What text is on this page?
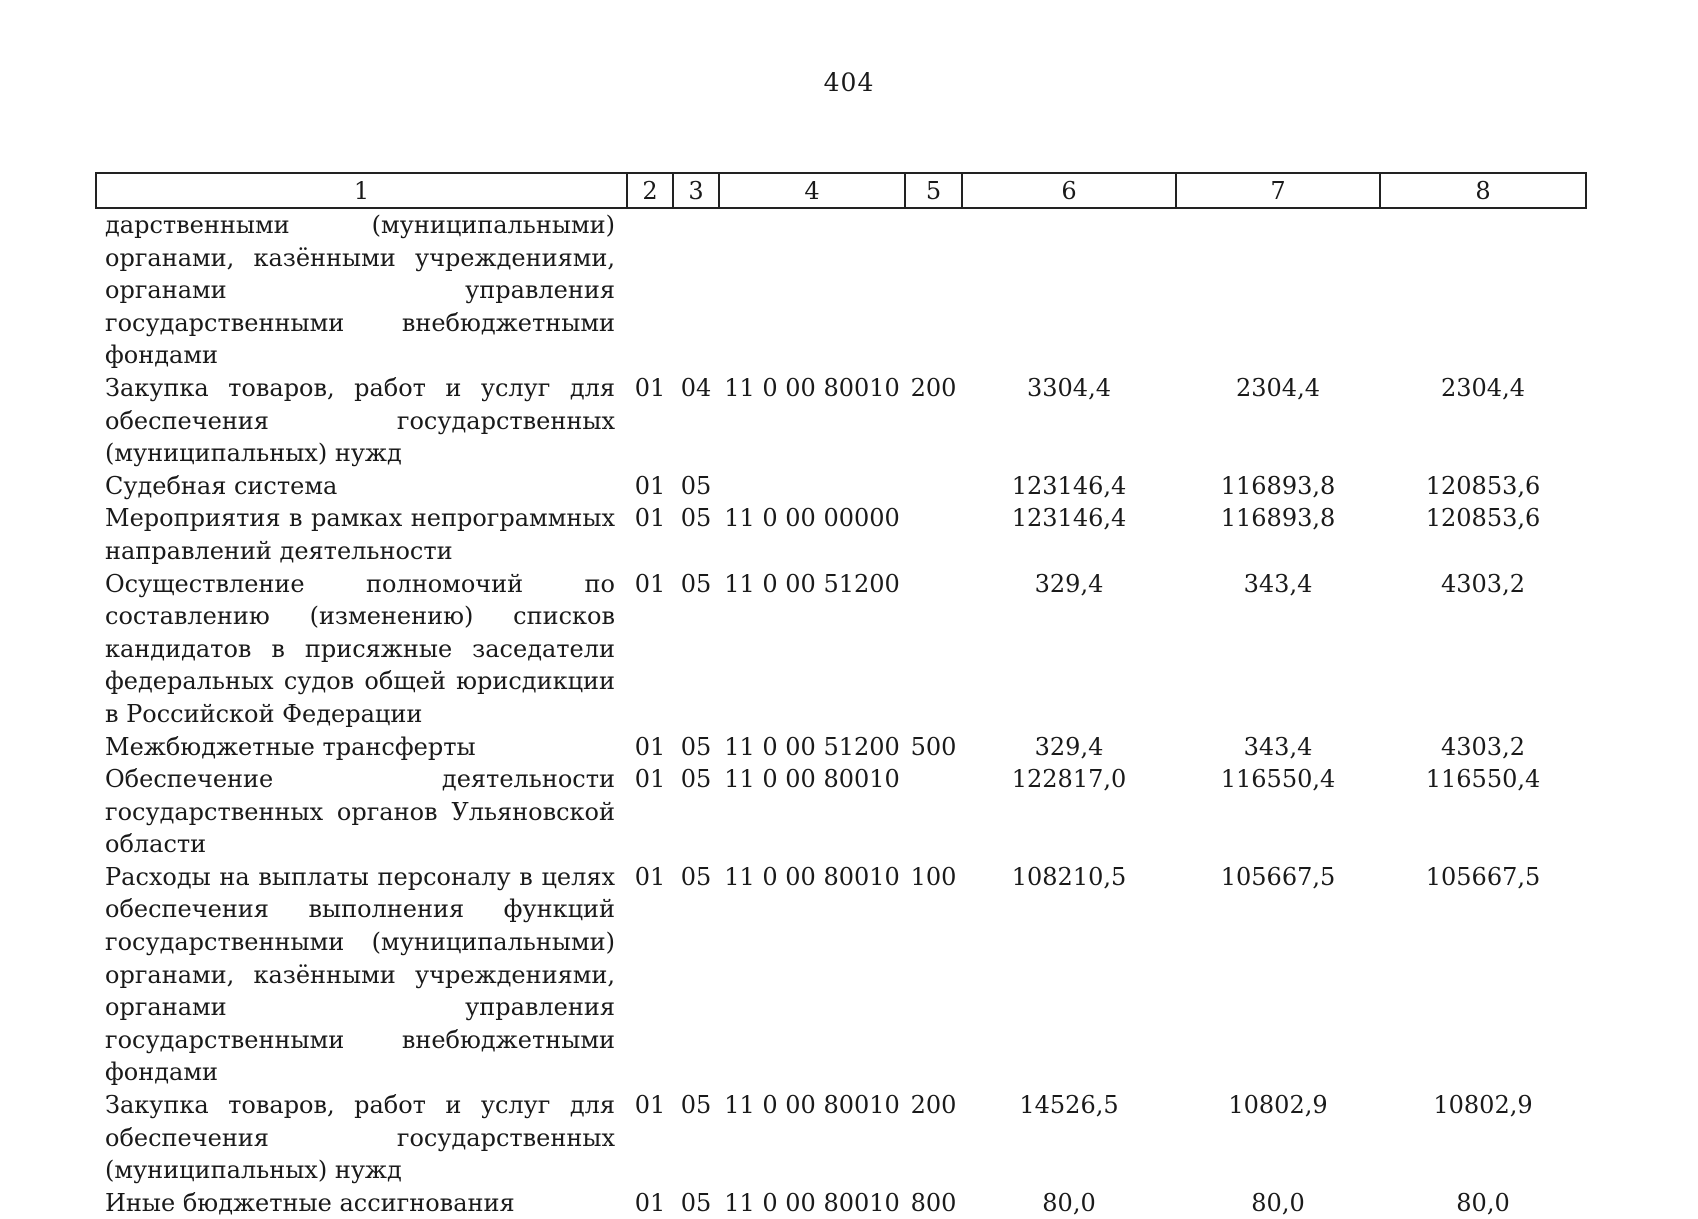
404
1	2	3	4	5	6	7	8
дарственными (муниципальными) органами, казёнными учреждениями, органами управления государственными внебюджетными фондами							
Закупка товаров, работ и услуг для обеспечения государственных (муниципальных) нужд	01	04	11 0 00 80010	200	3304,4	2304,4	2304,4
Судебная система	01	05			123146,4	116893,8	120853,6
Мероприятия в рамках непрограммных направлений деятельности	01	05	11 0 00 00000		123146,4	116893,8	120853,6
Осуществление полномочий по составлению (изменению) списков кандидатов в присяжные заседатели федеральных судов общей юрисдикции в Российской Федерации	01	05	11 0 00 51200		329,4	343,4	4303,2
Межбюджетные трансферты	01	05	11 0 00 51200	500	329,4	343,4	4303,2
Обеспечение деятельности государственных органов Ульяновской области	01	05	11 0 00 80010		122817,0	116550,4	116550,4
Расходы на выплаты персоналу в целях обеспечения выполнения функций государственными (муниципальными) органами, казёнными учреждениями, органами управления государственными внебюджетными фондами	01	05	11 0 00 80010	100	108210,5	105667,5	105667,5
Закупка товаров, работ и услуг для обеспечения государственных (муниципальных) нужд	01	05	11 0 00 80010	200	14526,5	10802,9	10802,9
Иные бюджетные ассигнования	01	05	11 0 00 80010	800	80,0	80,0	80,0
